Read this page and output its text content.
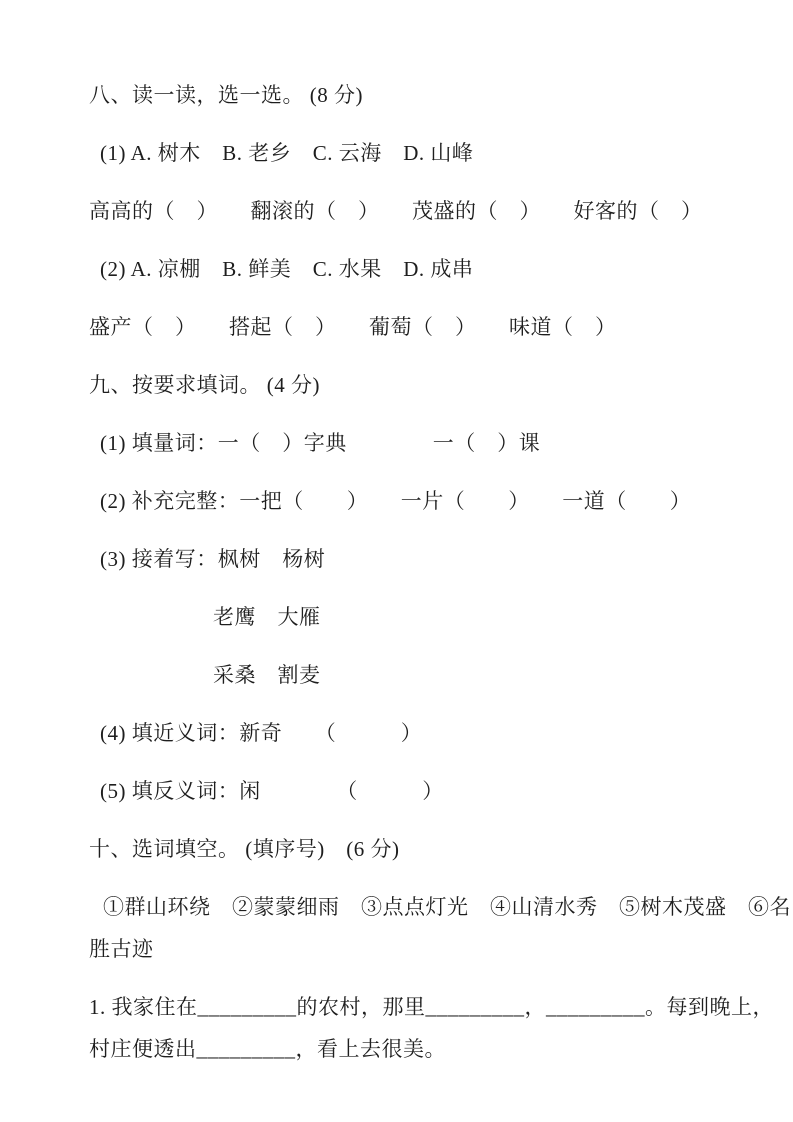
八、读一读，选一选。 (8 分)

(1) A. 树木　B. 老乡　C. 云海　D. 山峰

高高的（　）　　翻滚的（　）　　茂盛的（　）　　好客的（　）

(2) A. 凉棚　B. 鲜美　C. 水果　D. 成串

盛产（　）　　搭起（　）　　葡萄（　）　　味道（　）

九、按要求填词。 (4 分)

(1) 填量词：一（　）字典　　　　一（　）课

(2) 补充完整：一把（　　）　　一片（　　）　　一道（　　）

(3) 接着写：枫树　杨树

老鹰　大雁

采桑　割麦

(4) 填近义词：新奇　　（　　　）

(5) 填反义词：闲　　　　（　　　）

十、选词填空。 (填序号)　(6 分)

①群山环绕　②蒙蒙细雨　③点点灯光　④山清水秀　⑤树木茂盛　⑥名

胜古迹

1. 我家住在_________的农村，那里_________，_________。每到晚上，

村庄便透出_________，看上去很美。
